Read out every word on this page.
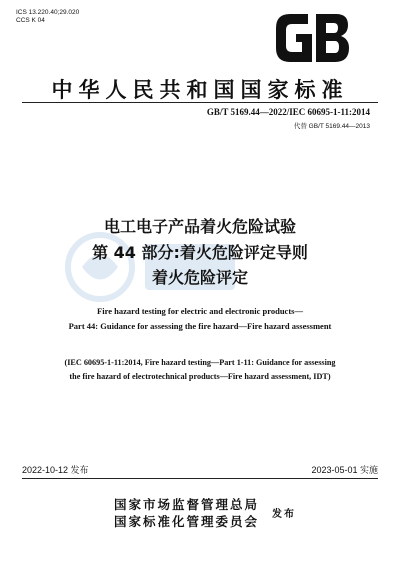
ICS 13.220.40;29.020
CCS K 04
中华人民共和国国家标准
GB/T 5169.44—2022/IEC 60695-1-11:2014
代替 GB/T 5169.44—2013
电工电子产品着火危险试验
第 44 部分:着火危险评定导则
着火危险评定
Fire hazard testing for electric and electronic products—
Part 44: Guidance for assessing the fire hazard—Fire hazard assessment
(IEC 60695-1-11:2014, Fire hazard testing—Part 1-11: Guidance for assessing
the fire hazard of electrotechnical products—Fire hazard assessment, IDT)
2022-10-12 发布	2023-05-01 实施
国家市场监督管理总局
国家标准化管理委员会 发布
